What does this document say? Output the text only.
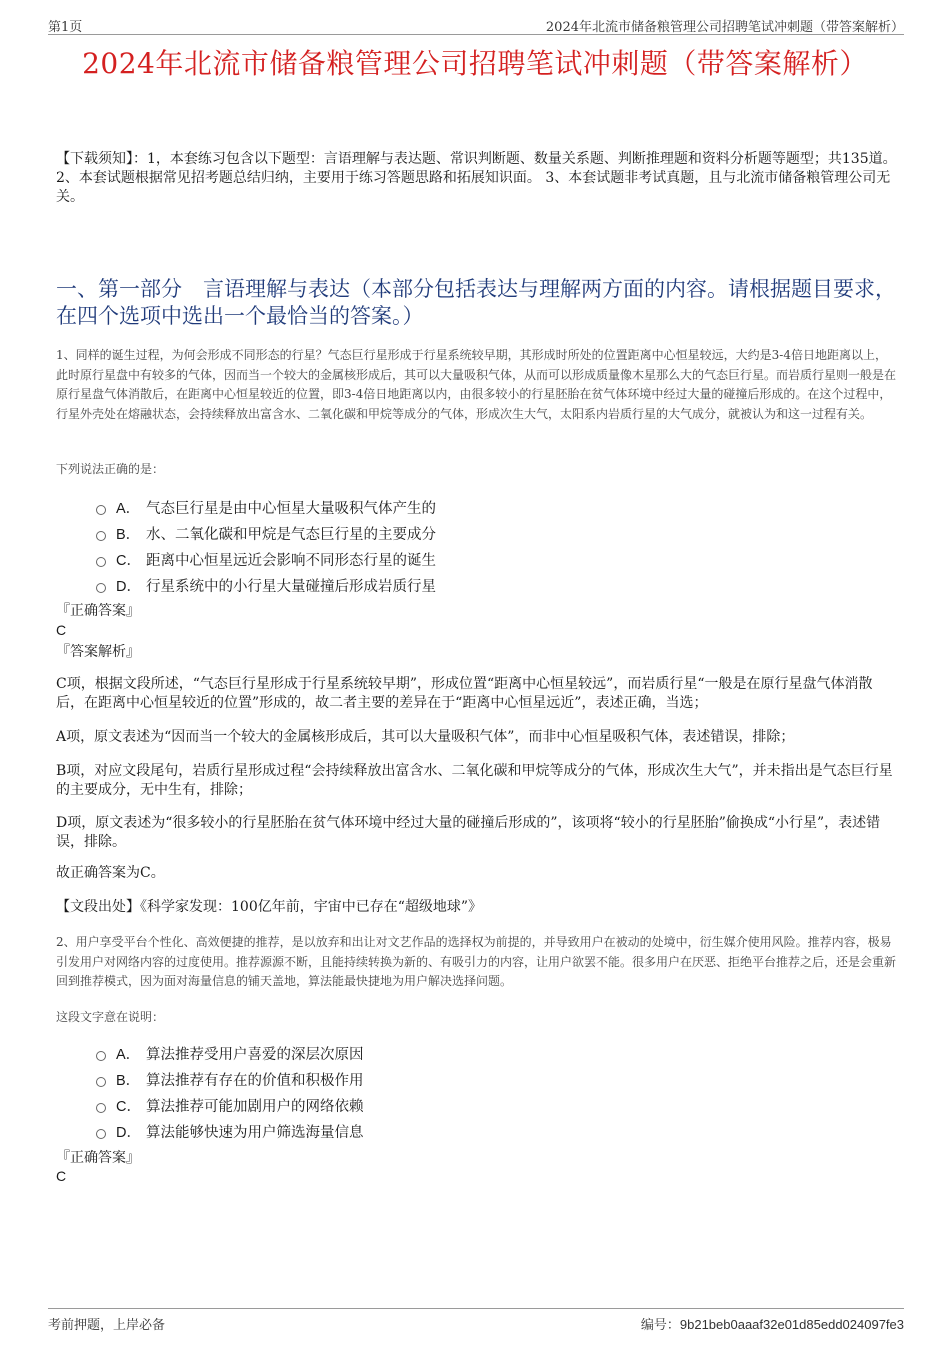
第1页	2024年北流市储备粮管理公司招聘笔试冲刺题（带答案解析）
2024年北流市储备粮管理公司招聘笔试冲刺题（带答案解析）
【下载须知】：1，本套练习包含以下题型：言语理解与表达题、常识判断题、数量关系题、判断推理题和资料分析题等题型；共135道。 2、本套试题根据常见招考题总结归纳，主要用于练习答题思路和拓展知识面。 3、本套试题非考试真题，且与北流市储备粮管理公司无关。
一、第一部分　言语理解与表达（本部分包括表达与理解两方面的内容。请根据题目要求，在四个选项中选出一个最恰当的答案。）
1、同样的诞生过程，为何会形成不同形态的行星？气态巨行星形成于行星系统较早期，其形成时所处的位置距离中心恒星较远，大约是3-4倍日地距离以上，此时原行星盘中有较多的气体，因而当一个较大的金属核形成后，其可以大量吸积气体，从而可以形成质量像木星那么大的气态巨行星。而岩质行星则一般是在原行星盘气体消散后，在距离中心恒星较近的位置，即3-4倍日地距离以内，由很多较小的行星胚胎在贫气体环境中经过大量的碰撞后形成的。在这个过程中，行星外壳处在熔融状态，会持续释放出富含水、二氧化碳和甲烷等成分的气体，形成次生大气，太阳系内岩质行星的大气成分，就被认为和这一过程有关。
下列说法正确的是：
A． 气态巨行星是由中心恒星大量吸积气体产生的
B． 水、二氧化碳和甲烷是气态巨行星的主要成分
C． 距离中心恒星远近会影响不同形态行星的诞生
D． 行星系统中的小行星大量碰撞后形成岩质行星
『正确答案』
C
『答案解析』
C项，根据文段所述，“气态巨行星形成于行星系统较早期”，形成位置“距离中心恒星较远”，而岩质行星“一般是在原行星盘气体消散后，在距离中心恒星较近的位置”形成的，故二者主要的差异在于“距离中心恒星远近”，表述正确，当选；
A项，原文表述为“因而当一个较大的金属核形成后，其可以大量吸积气体”，而非中心恒星吸积气体，表述错误，排除；
B项，对应文段尾句，岩质行星形成过程“会持续释放出富含水、二氧化碳和甲烷等成分的气体，形成次生大气”，并未指出是气态巨行星的主要成分，无中生有，排除；
D项，原文表述为“很多较小的行星胚胎在贫气体环境中经过大量的碰撞后形成的”，该项将“较小的行星胚胎”偷换成“小行星”，表述错误，排除。
故正确答案为C。
【文段出处】《科学家发现：100亿年前，宇宙中已存在“超级地球”》
2、用户享受平台个性化、高效便捷的推荐，是以放弃和出让对文艺作品的选择权为前提的，并导致用户在被动的处境中，衍生媒介使用风险。推荐内容，极易引发用户对网络内容的过度使用。推荐源源不断，且能持续转换为新的、有吸引力的内容，让用户欲罢不能。很多用户在厌恶、拒绝平台推荐之后，还是会重新回到推荐模式，因为面对海量信息的铺天盖地，算法能最快捷地为用户解决选择问题。
这段文字意在说明：
A． 算法推荐受用户喜爱的深层次原因
B． 算法推荐有存在的价值和积极作用
C． 算法推荐可能加剧用户的网络依赖
D． 算法能够快速为用户筛选海量信息
『正确答案』
C
考前押题，上岸必备	编号：9b21beb0aaaf32e01d85edd024097fe3
